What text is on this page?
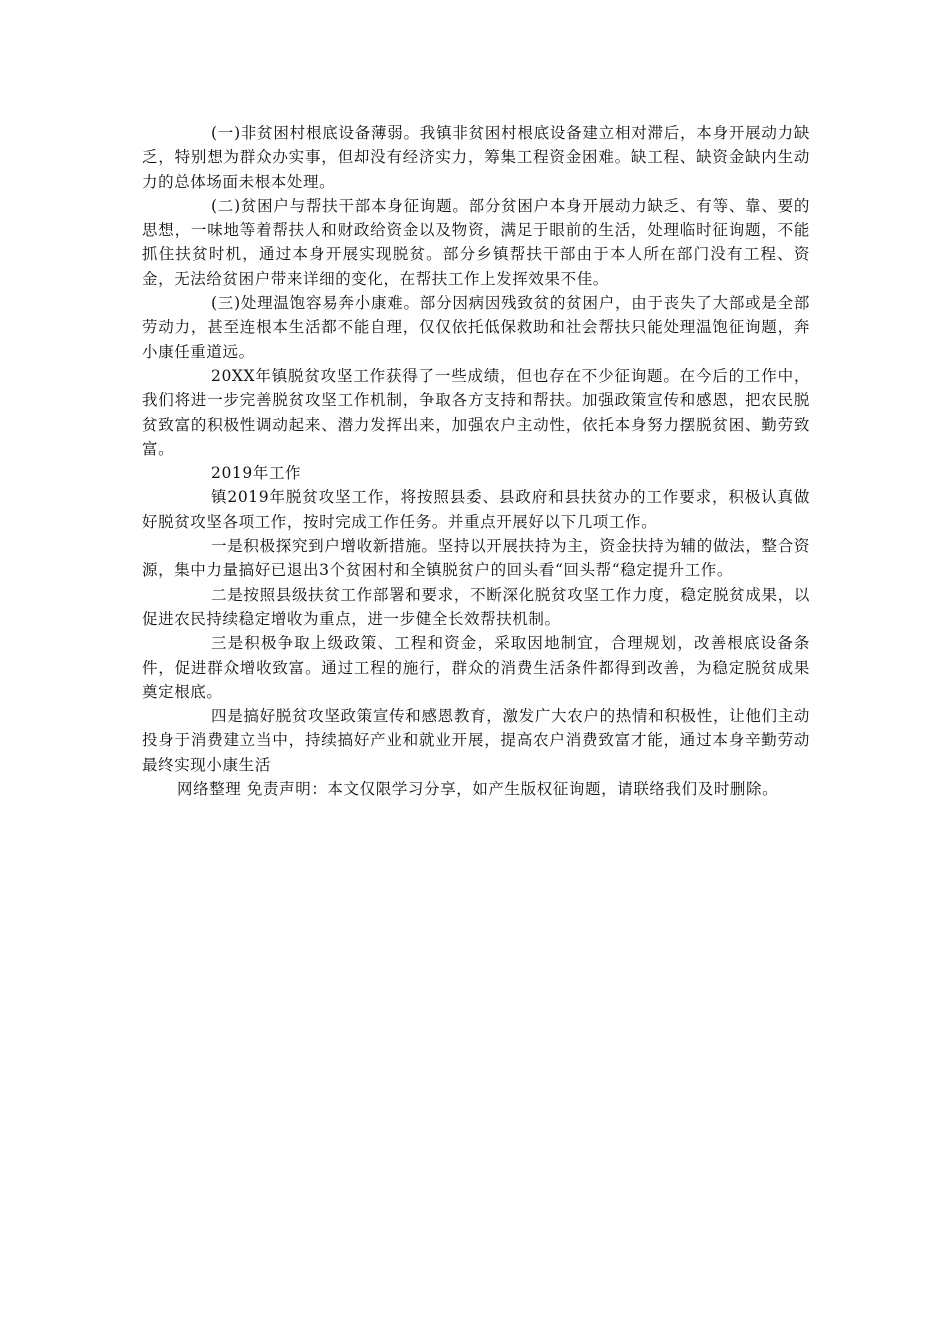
(一)非贫困村根底设备薄弱。我镇非贫困村根底设备建立相对滞后，本身开展动力缺乏，特别想为群众办实事，但却没有经济实力，筹集工程资金困难。缺工程、缺资金缺内生动力的总体场面未根本处理。

(二)贫困户与帮扶干部本身征询题。部分贫困户本身开展动力缺乏、有等、靠、要的思想，一味地等着帮扶人和财政给资金以及物资，满足于眼前的生活，处理临时征询题，不能抓住扶贫时机，通过本身开展实现脱贫。部分乡镇帮扶干部由于本人所在部门没有工程、资金，无法给贫困户带来详细的变化，在帮扶工作上发挥效果不佳。

(三)处理温饱容易奔小康难。部分因病因残致贫的贫困户，由于丧失了大部或是全部劳动力，甚至连根本生活都不能自理，仅仅依托低保救助和社会帮扶只能处理温饱征询题，奔小康任重道远。

20XX年镇脱贫攻坚工作获得了一些成绩，但也存在不少征询题。在今后的工作中，我们将进一步完善脱贫攻坚工作机制，争取各方支持和帮扶。加强政策宣传和感恩，把农民脱贫致富的积极性调动起来、潜力发挥出来，加强农户主动性，依托本身努力摆脱贫困、勤劳致富。

2019年工作

镇2019年脱贫攻坚工作，将按照县委、县政府和县扶贫办的工作要求，积极认真做好脱贫攻坚各项工作，按时完成工作任务。并重点开展好以下几项工作。

一是积极探究到户增收新措施。坚持以开展扶持为主，资金扶持为辅的做法，整合资源，集中力量搞好已退出3个贫困村和全镇脱贫户的回头看“回头帮“稳定提升工作。

二是按照县级扶贫工作部署和要求，不断深化脱贫攻坚工作力度，稳定脱贫成果，以促进农民持续稳定增收为重点，进一步健全长效帮扶机制。

三是积极争取上级政策、工程和资金，采取因地制宜，合理规划，改善根底设备条件，促进群众增收致富。通过工程的施行，群众的消费生活条件都得到改善，为稳定脱贫成果奠定根底。

四是搞好脱贫攻坚政策宣传和感恩教育，激发广大农户的热情和积极性，让他们主动投身于消费建立当中，持续搞好产业和就业开展，提高农户消费致富才能，通过本身辛勤劳动最终实现小康生活

网络整理 免责声明：本文仅限学习分享，如产生版权征询题，请联络我们及时删除。
